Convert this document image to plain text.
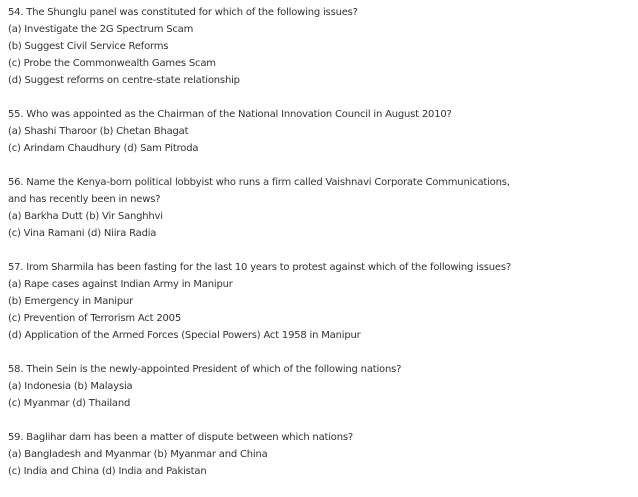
54. The Shunglu panel was constituted for which of the following issues?
(a) Investigate the 2G Spectrum Scam
(b) Suggest Civil Service Reforms
(c) Probe the Commonwealth Games Scam
(d) Suggest reforms on centre-state relationship
55. Who was appointed as the Chairman of the National Innovation Council in August 2010?
(a) Shashi Tharoor (b) Chetan Bhagat
(c) Arindam Chaudhury (d) Sam Pitroda
56. Name the Kenya-born political lobbyist who runs a firm called Vaishnavi Corporate Communications,
and has recently been in news?
(a) Barkha Dutt (b) Vir Sanghhvi
(c) Vina Ramani (d) Niira Radia
57. Irom Sharmila has been fasting for the last 10 years to protest against which of the following issues?
(a) Rape cases against Indian Army in Manipur
(b) Emergency in Manipur
(c) Prevention of Terrorism Act 2005
(d) Application of the Armed Forces (Special Powers) Act 1958 in Manipur
58. Thein Sein is the newly-appointed President of which of the following nations?
(a) Indonesia (b) Malaysia
(c) Myanmar (d) Thailand
59. Baglihar dam has been a matter of dispute between which nations?
(a) Bangladesh and Myanmar (b) Myanmar and China
(c) India and China (d) India and Pakistan
